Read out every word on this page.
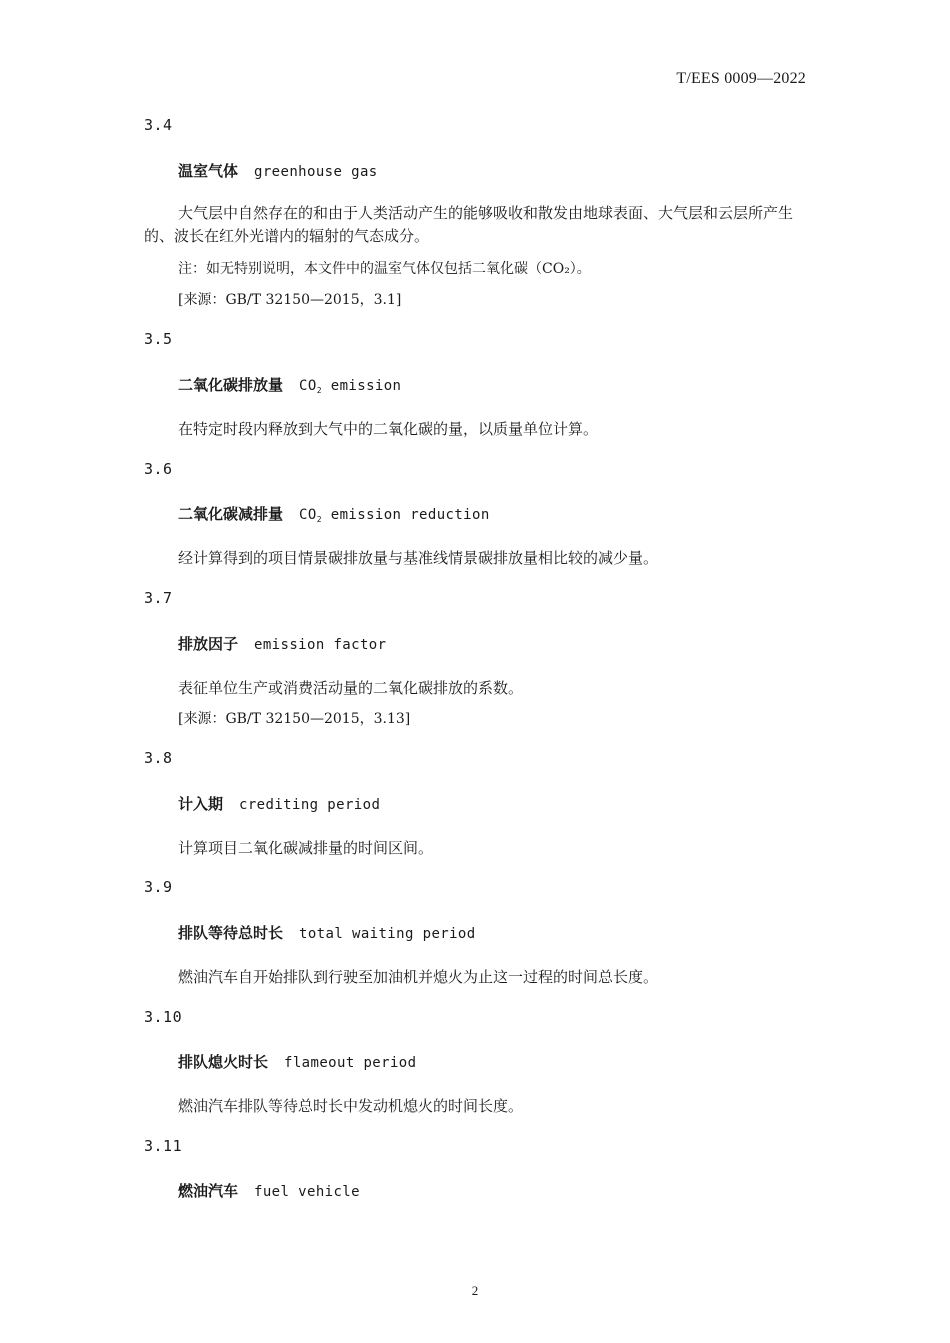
T/EES 0009—2022
3.4
温室气体 greenhouse gas
大气层中自然存在的和由于人类活动产生的能够吸收和散发由地球表面、大气层和云层所产生的、波长在红外光谱内的辐射的气态成分。
注：如无特别说明，本文件中的温室气体仅包括二氧化碳（CO₂）。
[来源：GB/T 32150—2015，3.1]
3.5
二氧化碳排放量 $CO_2$ emission
在特定时段内释放到大气中的二氧化碳的量，以质量单位计算。
3.6
二氧化碳减排量 $CO_2$ emission reduction
经计算得到的项目情景碳排放量与基准线情景碳排放量相比较的减少量。
3.7
排放因子 emission factor
表征单位生产或消费活动量的二氧化碳排放的系数。
[来源：GB/T 32150—2015，3.13]
3.8
计入期 crediting period
计算项目二氧化碳减排量的时间区间。
3.9
排队等待总时长 total waiting period
燃油汽车自开始排队到行驶至加油机并熄火为止这一过程的时间总长度。
3.10
排队熄火时长 flameout period
燃油汽车排队等待总时长中发动机熄火的时间长度。
3.11
燃油汽车 fuel vehicle
2
